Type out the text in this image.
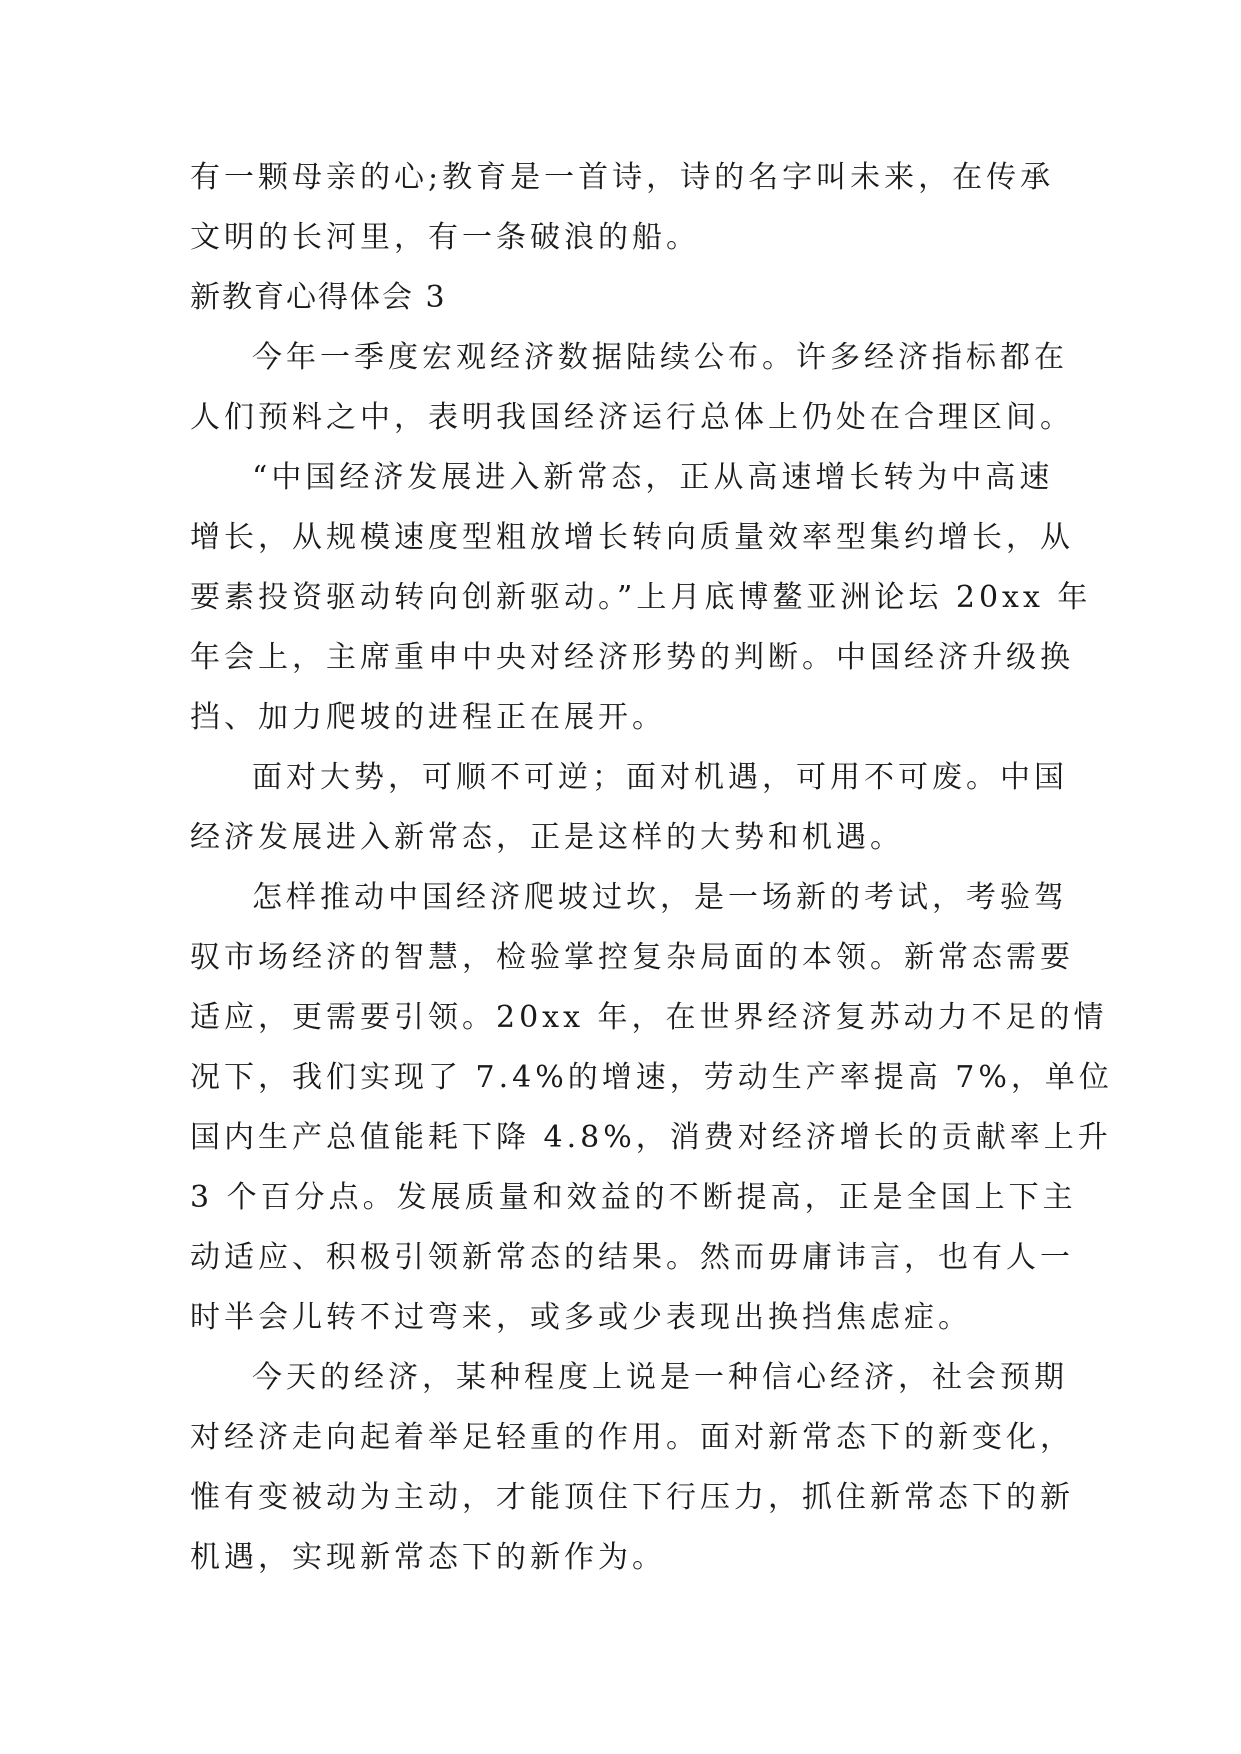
有一颗母亲的心;教育是一首诗，诗的名字叫未来，在传承
文明的长河里，有一条破浪的船。
新教育心得体会 3
今年一季度宏观经济数据陆续公布。许多经济指标都在
人们预料之中，表明我国经济运行总体上仍处在合理区间。
“中国经济发展进入新常态，正从高速增长转为中高速
增长，从规模速度型粗放增长转向质量效率型集约增长，从
要素投资驱动转向创新驱动。”上月底博鳌亚洲论坛 20xx 年
年会上，主席重申中央对经济形势的判断。中国经济升级换
挡、加力爬坡的进程正在展开。
面对大势，可顺不可逆；面对机遇，可用不可废。中国
经济发展进入新常态，正是这样的大势和机遇。
怎样推动中国经济爬坡过坎，是一场新的考试，考验驾
驭市场经济的智慧，检验掌控复杂局面的本领。新常态需要
适应，更需要引领。20xx 年，在世界经济复苏动力不足的情
况下，我们实现了 7.4%的增速，劳动生产率提高 7%，单位
国内生产总值能耗下降 4.8%，消费对经济增长的贡献率上升
3 个百分点。发展质量和效益的不断提高，正是全国上下主
动适应、积极引领新常态的结果。然而毋庸讳言，也有人一
时半会儿转不过弯来，或多或少表现出换挡焦虑症。
今天的经济，某种程度上说是一种信心经济，社会预期
对经济走向起着举足轻重的作用。面对新常态下的新变化，
惟有变被动为主动，才能顶住下行压力，抓住新常态下的新
机遇，实现新常态下的新作为。
